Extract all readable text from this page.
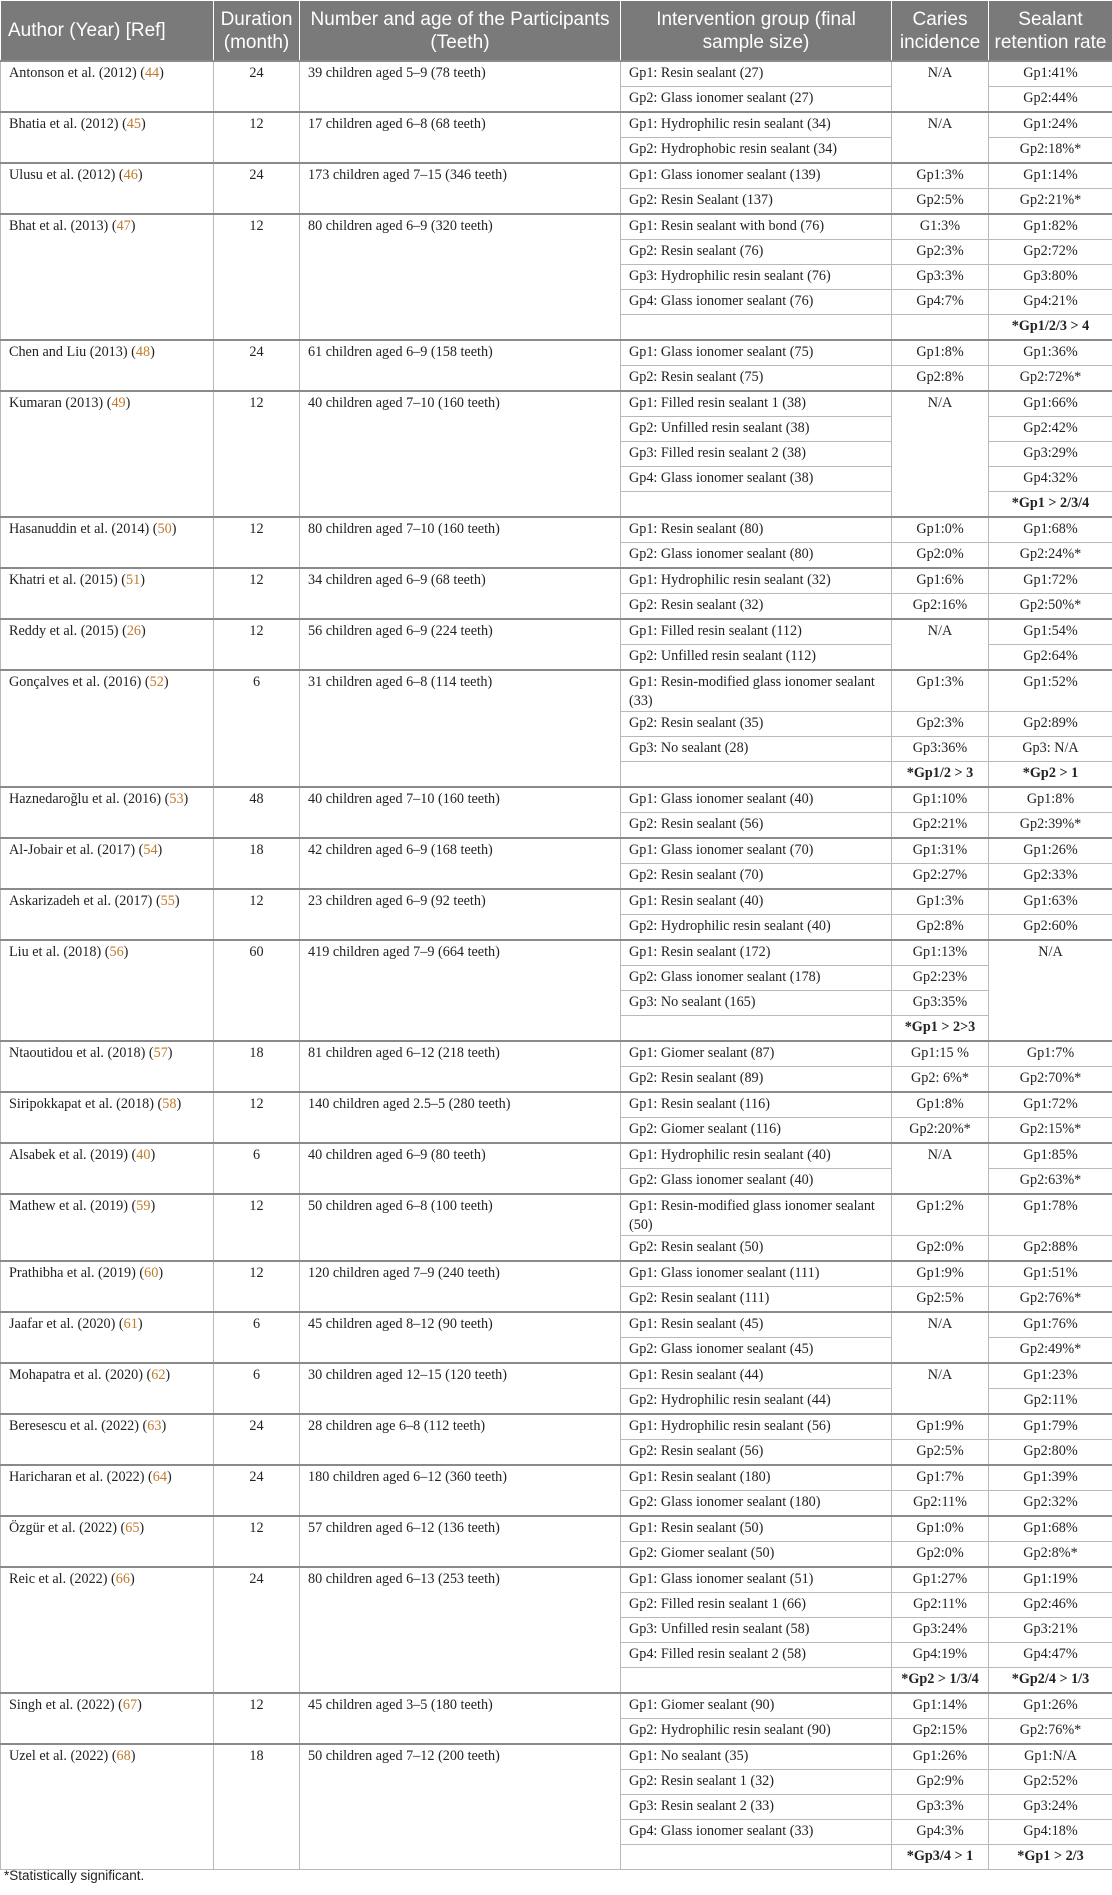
Author (Year) [Ref]	Duration (month)	Number and age of the Participants (Teeth)	Intervention group (final sample size)	Caries incidence	Sealant retention rate
Antonson et al. (2012) (44)	24	39 children aged 5–9 (78 teeth)	Gp1: Resin sealant (27)	N/A	Gp1:41%
			Gp2: Glass ionomer sealant (27)		Gp2:44%
Bhatia et al. (2012) (45)	12	17 children aged 6–8 (68 teeth)	Gp1: Hydrophilic resin sealant (34)	N/A	Gp1:24%
			Gp2: Hydrophobic resin sealant (34)		Gp2:18%*
Ulusu et al. (2012) (46)	24	173 children aged 7–15 (346 teeth)	Gp1: Glass ionomer sealant (139)	Gp1:3%	Gp1:14%
			Gp2: Resin Sealant (137)	Gp2:5%	Gp2:21%*
Bhat et al. (2013) (47)	12	80 children aged 6–9 (320 teeth)	Gp1: Resin sealant with bond (76)	G1:3%	Gp1:82%
			Gp2: Resin sealant (76)	Gp2:3%	Gp2:72%
			Gp3: Hydrophilic resin sealant (76)	Gp3:3%	Gp3:80%
			Gp4: Glass ionomer sealant (76)	Gp4:7%	Gp4:21%
					*Gp1/2/3 > 4
Chen and Liu (2013) (48)	24	61 children aged 6–9 (158 teeth)	Gp1: Glass ionomer sealant (75)	Gp1:8%	Gp1:36%
			Gp2: Resin sealant (75)	Gp2:8%	Gp2:72%*
Kumaran (2013) (49)	12	40 children aged 7–10 (160 teeth)	Gp1: Filled resin sealant 1 (38)	N/A	Gp1:66%
			Gp2: Unfilled resin sealant (38)		Gp2:42%
			Gp3: Filled resin sealant 2 (38)		Gp3:29%
			Gp4: Glass ionomer sealant (38)		Gp4:32%
					*Gp1 > 2/3/4
Hasanuddin et al. (2014) (50)	12	80 children aged 7–10 (160 teeth)	Gp1: Resin sealant (80)	Gp1:0%	Gp1:68%
			Gp2: Glass ionomer sealant (80)	Gp2:0%	Gp2:24%*
Khatri et al. (2015) (51)	12	34 children aged 6–9 (68 teeth)	Gp1: Hydrophilic resin sealant (32)	Gp1:6%	Gp1:72%
			Gp2: Resin sealant (32)	Gp2:16%	Gp2:50%*
Reddy et al. (2015) (26)	12	56 children aged 6–9 (224 teeth)	Gp1: Filled resin sealant (112)	N/A	Gp1:54%
			Gp2: Unfilled resin sealant (112)		Gp2:64%
Gonçalves et al. (2016) (52)	6	31 children aged 6–8 (114 teeth)	Gp1: Resin-modified glass ionomer sealant (33)	Gp1:3%	Gp1:52%
			Gp2: Resin sealant (35)	Gp2:3%	Gp2:89%
			Gp3: No sealant (28)	Gp3:36%	Gp3: N/A
				*Gp1/2 > 3	*Gp2 > 1
Haznedaroğlu et al. (2016) (53)	48	40 children aged 7–10 (160 teeth)	Gp1: Glass ionomer sealant (40)	Gp1:10%	Gp1:8%
			Gp2: Resin sealant (56)	Gp2:21%	Gp2:39%*
Al-Jobair et al. (2017) (54)	18	42 children aged 6–9 (168 teeth)	Gp1: Glass ionomer sealant (70)	Gp1:31%	Gp1:26%
			Gp2: Resin sealant (70)	Gp2:27%	Gp2:33%
Askarizadeh et al. (2017) (55)	12	23 children aged 6–9 (92 teeth)	Gp1: Resin sealant (40)	Gp1:3%	Gp1:63%
			Gp2: Hydrophilic resin sealant (40)	Gp2:8%	Gp2:60%
Liu et al. (2018) (56)	60	419 children aged 7–9 (664 teeth)	Gp1: Resin sealant (172)	Gp1:13%	N/A
			Gp2: Glass ionomer sealant (178)	Gp2:23%	
			Gp3: No sealant (165)	Gp3:35%	
				*Gp1 > 2>3	
Ntaoutidou et al. (2018) (57)	18	81 children aged 6–12 (218 teeth)	Gp1: Giomer sealant (87)	Gp1:15 %	Gp1:7%
			Gp2: Resin sealant (89)	Gp2: 6%*	Gp2:70%*
Siripokkapat et al. (2018) (58)	12	140 children aged 2.5–5 (280 teeth)	Gp1: Resin sealant (116)	Gp1:8%	Gp1:72%
			Gp2: Giomer sealant (116)	Gp2:20%*	Gp2:15%*
Alsabek et al. (2019) (40)	6	40 children aged 6–9 (80 teeth)	Gp1: Hydrophilic resin sealant (40)	N/A	Gp1:85%
			Gp2: Glass ionomer sealant (40)		Gp2:63%*
Mathew et al. (2019) (59)	12	50 children aged 6–8 (100 teeth)	Gp1: Resin-modified glass ionomer sealant (50)	Gp1:2%	Gp1:78%
			Gp2: Resin sealant (50)	Gp2:0%	Gp2:88%
Prathibha et al. (2019) (60)	12	120 children aged 7–9 (240 teeth)	Gp1: Glass ionomer sealant (111)	Gp1:9%	Gp1:51%
			Gp2: Resin sealant (111)	Gp2:5%	Gp2:76%*
Jaafar et al. (2020) (61)	6	45 children aged 8–12 (90 teeth)	Gp1: Resin sealant (45)	N/A	Gp1:76%
			Gp2: Glass ionomer sealant (45)		Gp2:49%*
Mohapatra et al. (2020) (62)	6	30 children aged 12–15 (120 teeth)	Gp1: Resin sealant (44)	N/A	Gp1:23%
			Gp2: Hydrophilic resin sealant (44)		Gp2:11%
Beresescu et al. (2022) (63)	24	28 children age 6–8 (112 teeth)	Gp1: Hydrophilic resin sealant (56)	Gp1:9%	Gp1:79%
			Gp2: Resin sealant (56)	Gp2:5%	Gp2:80%
Haricharan et al. (2022) (64)	24	180 children aged 6–12 (360 teeth)	Gp1: Resin sealant (180)	Gp1:7%	Gp1:39%
			Gp2: Glass ionomer sealant (180)	Gp2:11%	Gp2:32%
Özgür et al. (2022) (65)	12	57 children aged 6–12 (136 teeth)	Gp1: Resin sealant (50)	Gp1:0%	Gp1:68%
			Gp2: Giomer sealant (50)	Gp2:0%	Gp2:8%*
Reic et al. (2022) (66)	24	80 children aged 6–13 (253 teeth)	Gp1: Glass ionomer sealant (51)	Gp1:27%	Gp1:19%
			Gp2: Filled resin sealant 1 (66)	Gp2:11%	Gp2:46%
			Gp3: Unfilled resin sealant (58)	Gp3:24%	Gp3:21%
			Gp4: Filled resin sealant 2 (58)	Gp4:19%	Gp4:47%
				*Gp2 > 1/3/4	*Gp2/4 > 1/3
Singh et al. (2022) (67)	12	45 children aged 3–5 (180 teeth)	Gp1: Giomer sealant (90)	Gp1:14%	Gp1:26%
			Gp2: Hydrophilic resin sealant (90)	Gp2:15%	Gp2:76%*
Uzel et al. (2022) (68)	18	50 children aged 7–12 (200 teeth)	Gp1: No sealant (35)	Gp1:26%	Gp1:N/A
			Gp2: Resin sealant 1 (32)	Gp2:9%	Gp2:52%
			Gp3: Resin sealant 2 (33)	Gp3:3%	Gp3:24%
			Gp4: Glass ionomer sealant (33)	Gp4:3%	Gp4:18%
				*Gp3/4 > 1	*Gp1 > 2/3
*Statistically significant.
